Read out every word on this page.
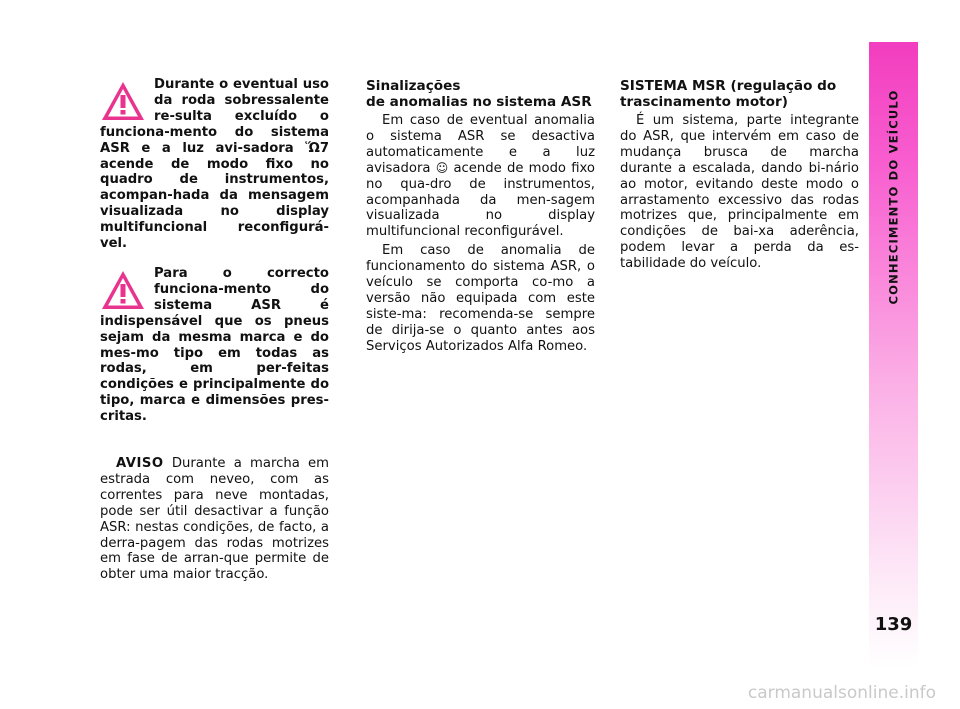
Durante o eventual uso da roda sobressalente re-sulta excluído o funciona-mento do sistema ASR e a luz avi-sadora Ὥ7 acende de modo fixo no quadro de instrumentos, acompan-hada da mensagem visualizada no display multifuncional reconfigurá-vel.

Para o correcto funciona-mento do sistema ASR é indispensável que os pneus sejam da mesma marca e do mes-mo tipo em todas as rodas, em per-feitas condições e principalmente do tipo, marca e dimensões pres-critas.

AVISO Durante a marcha em estrada com neveo, com as correntes para neve montadas, pode ser útil desactivar a função ASR: nestas condições, de facto, a derra-pagem das rodas motrizes em fase de arran-que permite de obter uma maior tracção.

Sinalizações
de anomalias no sistema ASR

Em caso de eventual anomalia o sistema ASR se desactiva automaticamente e a luz avisadora ☺︎ acende de modo fixo no qua-dro de instrumentos, acompanhada da men-sagem visualizada no display multifuncional reconfigurável.

Em caso de anomalia de funcionamento do sistema ASR, o veículo se comporta co-mo a versão não equipada com este siste-ma: recomenda-se sempre de dirija-se o quanto antes aos Serviços Autorizados Alfa Romeo.

SISTEMA MSR (regulação do
trascinamento motor)

É um sistema, parte integrante do ASR, que intervém em caso de mudança brusca de marcha durante a escalada, dando bi-nário ao motor, evitando deste modo o arrastamento excessivo das rodas motrizes que, principalmente em condições de bai-xa aderência, podem levar a perda da es-tabilidade do veículo.	CONHECIMENTO DO VEÍCULO
139
carmanualsonline.info
